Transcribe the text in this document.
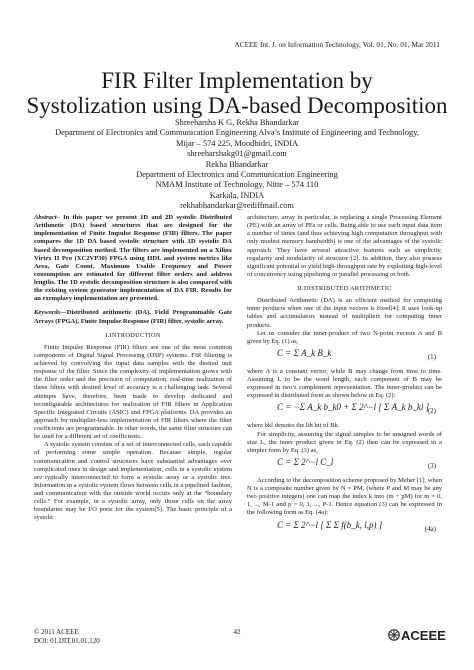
ACEEE Int. J. on Information Technology, Vol. 01, No. 01, Mar 2011
FIR Filter Implementation by
Systolization using DA-based Decomposition
Shreeharsha K G, Rekha Bhandarkar
Department of Electronics and Communication Engineering Alva’s Institute of Engineering and Technology,
Mijar – 574 225, Moodbidri, INDIA
shreeharshakg01@gmail.com
Rekha Bhandarkar
Department of Electronics and Communication Engineering
NMAM Institute of Technology, Nitte – 574 110
Karkala, INDIA
rekhabhandarkar@rediffmail.com

Abstract– In this paper we present 1D and 2D systolic Distributed Arithmetic (DA) based structures that are designed for the implementation of Finite Impulse Response (FIR) filters. The paper compares the 1D DA based systolic structure with 1D systolic DA based decomposition method. The filters are implemented on a Xilinx Virtex II Pro (XC2VP30) FPGA using HDL and system metrics like Area, Gate Count, Maximum Usable Frequency and Power consumption are estimated for different filter orders and address lengths. The 1D systolic decomposition structure is also compared with the existing system generator implementation of DA FIR. Results for an exemplary implementation are presented.

Keywords—Distributed arithmetic (DA), Field Programmable Gate Arrays (FPGA), Finite Impulse Response (FIR) filter, systolic array.

I.INTRODUCTION

Finite Impulse Response (FIR) filters are one of the most common components of Digital Signal Processing (DSP) systems. FIR filtering is achieved by convolving the input data samples with the desired unit response of the filter. Since the complexity of implementation grows with the filter order and the precision of computation, real-time realization of these filters with desired level of accuracy is a challenging task. Several attempts have, therefore, been made to develop dedicated and reconfigurable architectures for realization of FIR filters in Application Specific Integrated Circuits (ASIC) and FPGA platforms. DA provides an approach for multiplier-less implementation of FIR filters where the filter coefficients are programmable. In other words, the same filter structure can be used for a different set of coefficients.

A systolic system consists of a set of interconnected cells, each capable of performing some simple operation. Because simple, regular communication and control structures have substantial advantages over complicated ones in design and implementation, cells in a systolic system are typically interconnected to form a systolic array or a systolic tree. Information in a systolic system flows between cells in a pipelined fashion, and communication with the outside world occurs only at the “boundary cells.” For example, in a systolic array, only those cells on the array boundaries may be I/O ports for the system[5]. The basic principle of a systolic

architecture, array in particular, is replacing a single Processing Element (PE) with an array of PEs or cells. Being able to use each input data item a number of times (and thus achieving high computation throughput with only modest memory bandwidth) is one of the advantages of the systolic approach. They have several attractive features such as simplicity, regularity and modularity of structure [2]. In addition, they also possess significant potential to yield high-throughput rate by exploiting high-level of concurrency using pipelining or parallel processing or both.

II.DISTRIBUTED ARITHMETIC

Distributed Arithmetic (DA) is an efficient method for computing inner products when one of the input vectors is fixed[4]. It uses look-up tables and accumulators instead of multipliers for computing inner products.

Let us consider the inner-product of two N-point vectors A and B given by Eq. (1) as,

C = Σ A_k B_k	(1)

where A is a constant vector, while B may change from time to time. Assuming L to be the word length, each component of B may be expressed in two’s complement representation. The inner-product can be expressed in distributed form as shown below in Eq. (2):

C = −Σ A_k b_k0 + Σ 2^−l [ Σ A_k b_kl ]
(2)

where bkl denotes the lth bit of Bk.

For simplicity, assuming the signal samples to be unsigned words of size L, the inner product given in Eq. (2) then can be expressed in a simpler form by Eq. (3) as,

C = Σ 2^−l C_l	(3)

According to the decomposition scheme proposed by Meher [1], when N is a composite number given by N = PM, (where P and M may be any two positive integers) one can map the index k into (m + pM) for m = 0, 1, ..., M-1 and p = 0, 1, ..., P-1. Hence equation (3) can be expressed in the following form as Eq. (4a):

C = Σ 2^−l [ Σ Σ f(b_k, l,p) ]	(4a)
© 2011 ACEEE
DOI: 01.IJIT.01.01.120
42	ACEEE
